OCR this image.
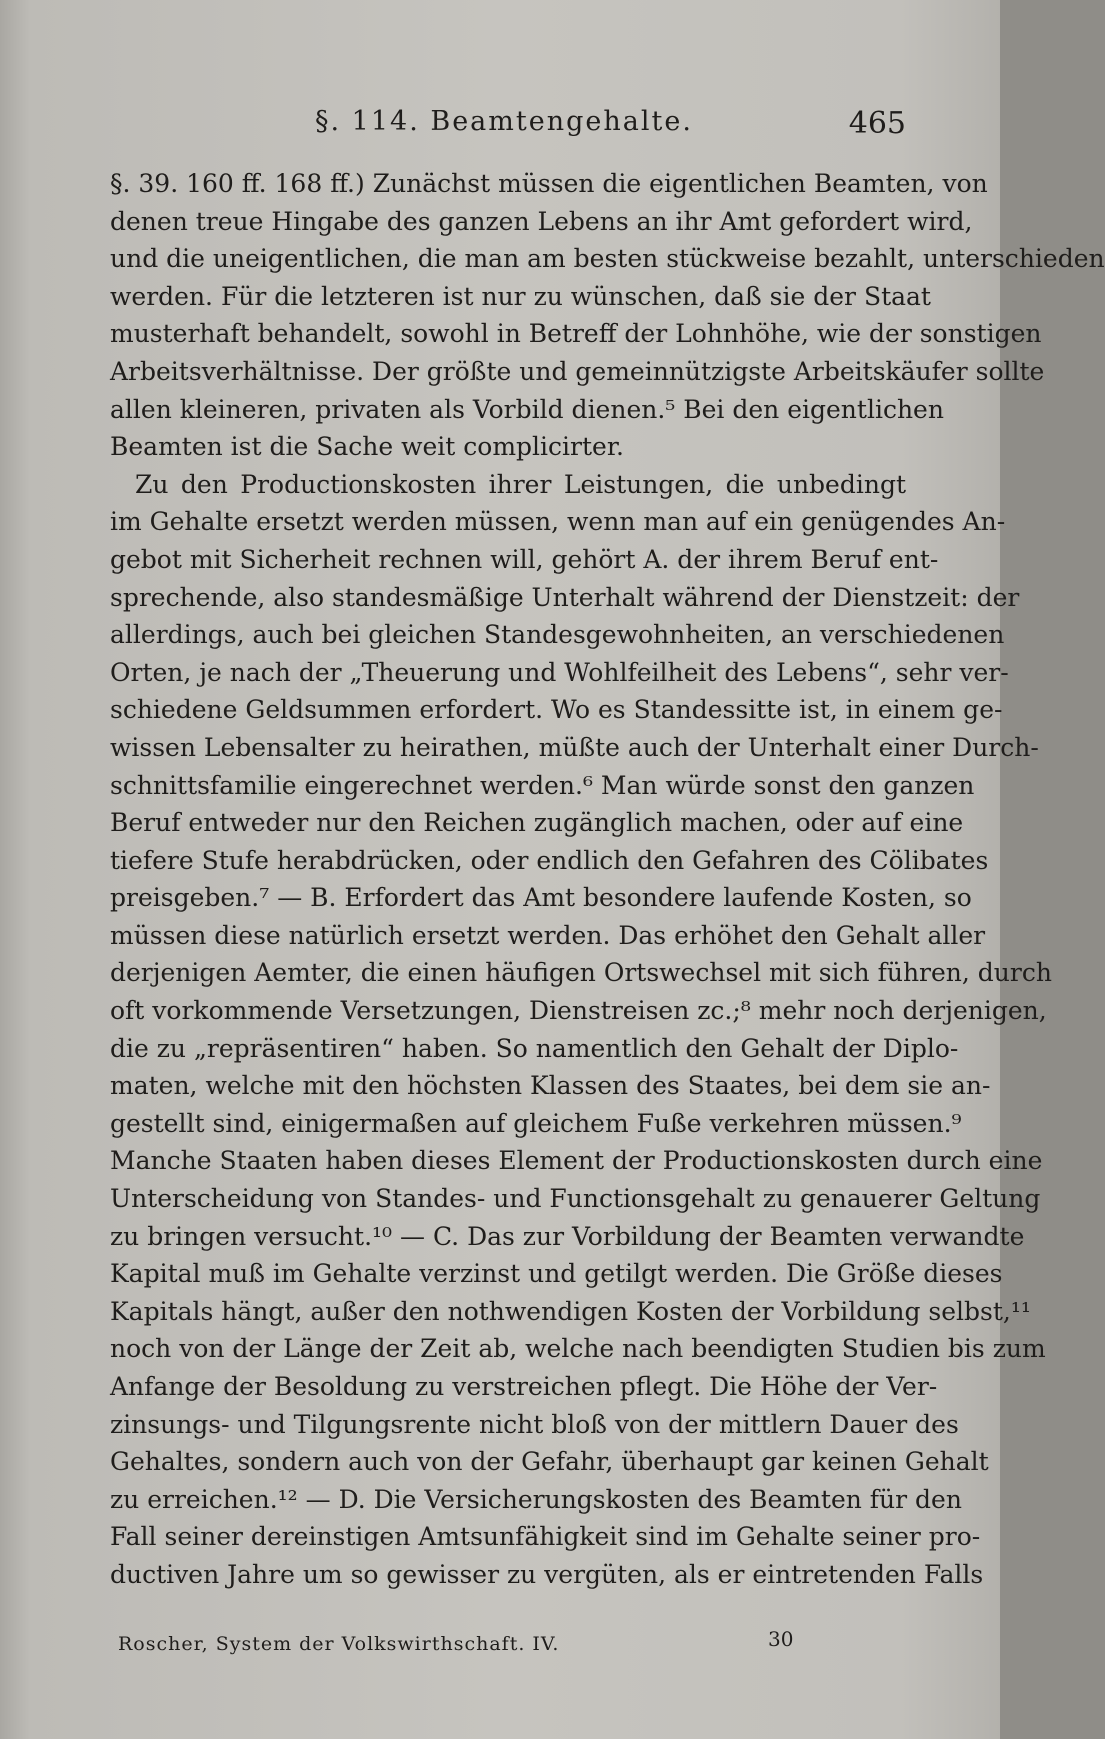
§. 114. Beamtengehalte.	465
§. 39. 160 ff. 168 ff.) Zunächst müssen die eigentlichen Beamten, von
denen treue Hingabe des ganzen Lebens an ihr Amt gefordert wird,
und die uneigentlichen, die man am besten stückweise bezahlt, unterschieden
werden. Für die letzteren ist nur zu wünschen, daß sie der Staat
musterhaft behandelt, sowohl in Betreff der Lohnhöhe, wie der sonstigen
Arbeitsverhältnisse. Der größte und gemeinnützigste Arbeitskäufer sollte
allen kleineren, privaten als Vorbild dienen.⁵ Bei den eigentlichen
Beamten ist die Sache weit complicirter.
Zu den Productionskosten ihrer Leistungen, die unbedingt
im Gehalte ersetzt werden müssen, wenn man auf ein genügendes An-
gebot mit Sicherheit rechnen will, gehört A. der ihrem Beruf ent-
sprechende, also standesmäßige Unterhalt während der Dienstzeit: der
allerdings, auch bei gleichen Standesgewohnheiten, an verschiedenen
Orten, je nach der „Theuerung und Wohlfeilheit des Lebens“, sehr ver-
schiedene Geldsummen erfordert. Wo es Standessitte ist, in einem ge-
wissen Lebensalter zu heirathen, müßte auch der Unterhalt einer Durch-
schnittsfamilie eingerechnet werden.⁶ Man würde sonst den ganzen
Beruf entweder nur den Reichen zugänglich machen, oder auf eine
tiefere Stufe herabdrücken, oder endlich den Gefahren des Cölibates
preisgeben.⁷ — B. Erfordert das Amt besondere laufende Kosten, so
müssen diese natürlich ersetzt werden. Das erhöhet den Gehalt aller
derjenigen Aemter, die einen häufigen Ortswechsel mit sich führen, durch
oft vorkommende Versetzungen, Dienstreisen zc.;⁸ mehr noch derjenigen,
die zu „repräsentiren“ haben. So namentlich den Gehalt der Diplo-
maten, welche mit den höchsten Klassen des Staates, bei dem sie an-
gestellt sind, einigermaßen auf gleichem Fuße verkehren müssen.⁹
Manche Staaten haben dieses Element der Productionskosten durch eine
Unterscheidung von Standes- und Functionsgehalt zu genauerer Geltung
zu bringen versucht.¹⁰ — C. Das zur Vorbildung der Beamten verwandte
Kapital muß im Gehalte verzinst und getilgt werden. Die Größe dieses
Kapitals hängt, außer den nothwendigen Kosten der Vorbildung selbst,¹¹
noch von der Länge der Zeit ab, welche nach beendigten Studien bis zum
Anfange der Besoldung zu verstreichen pflegt. Die Höhe der Ver-
zinsungs- und Tilgungsrente nicht bloß von der mittlern Dauer des
Gehaltes, sondern auch von der Gefahr, überhaupt gar keinen Gehalt
zu erreichen.¹² — D. Die Versicherungskosten des Beamten für den
Fall seiner dereinstigen Amtsunfähigkeit sind im Gehalte seiner pro-
ductiven Jahre um so gewisser zu vergüten, als er eintretenden Falls
Roscher, System der Volkswirthschaft. IV.	30
